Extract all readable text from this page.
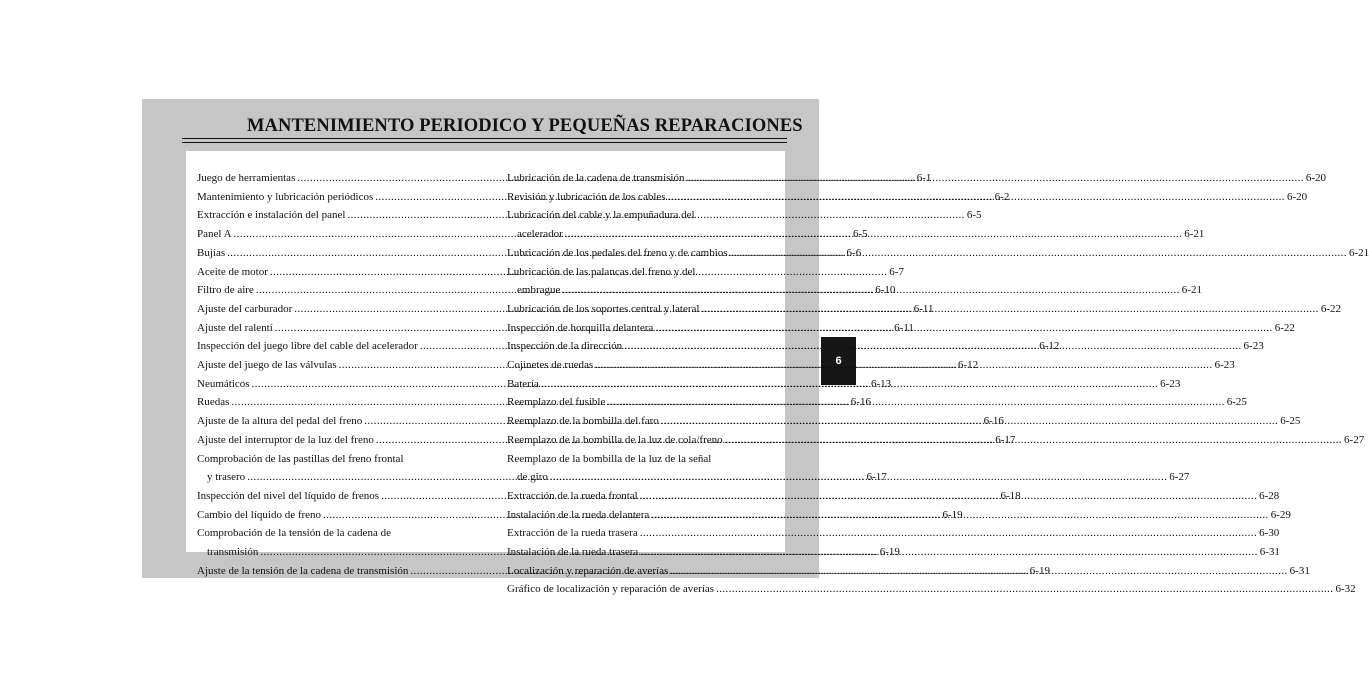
MANTENIMIENTO PERIODICO Y PEQUEÑAS REPARACIONES
6
Juego de herramientas .....	6-1
Mantenimiento y lubricación periódicos .....	6-2
Extracción e instalación del panel .....	6-5
Panel A .....	6-5
Bujías .....	6-6
Aceite de motor .....	6-7
Filtro de aire .....	6-10
Ajuste del carburador .....	6-11
Ajuste del ralentí .....	6-11
Inspección del juego libre del cable del acelerador .....	6-12
Ajuste del juego de las válvulas .....	6-12
Neumáticos .....	6-13
Ruedas .....	6-16
Ajuste de la altura del pedal del freno .....	6-16
Ajuste del interruptor de la luz del freno .....	6-17
Comprobación de las pastillas del freno frontal
y trasero .....	6-17
Inspección del nivel del líquido de frenos .....	6-18
Cambio del líquido de freno .....	6-19
Comprobación de la tensión de la cadena de
transmisión .....	6-19
Ajuste de la tensión de la cadena de transmisión .....	6-19
Lubricación de la cadena de transmisión .....	6-20
Revisión y lubricación de los cables .....	6-20
Lubricación del cable y la empuñadura del
acelerador .....	6-21
Lubricación de los pedales del freno y de cambios .....	6-21
Lubricación de las palancas del freno y del
embrague .....	6-21
Lubricación de los soportes central y lateral .....	6-22
Inspección de horquilla delantera .....	6-22
Inspección de la dirección .....	6-23
Cojinetes de ruedas .....	6-23
Batería .....	6-23
Reemplazo del fusible .....	6-25
Reemplazo de la bombilla del faro .....	6-25
Reemplazo de la bombilla de la luz de cola/freno .....	6-27
Reemplazo de la bombilla de la luz de la señal
de giro .....	6-27
Extracción de la rueda frontal .....	6-28
Instalación de la rueda delantera .....	6-29
Extracción de la rueda trasera .....	6-30
Instalación de la rueda trasera .....	6-31
Localización y reparación de averías .....	6-31
Gráfico de localización y reparación de averías .....	6-32
